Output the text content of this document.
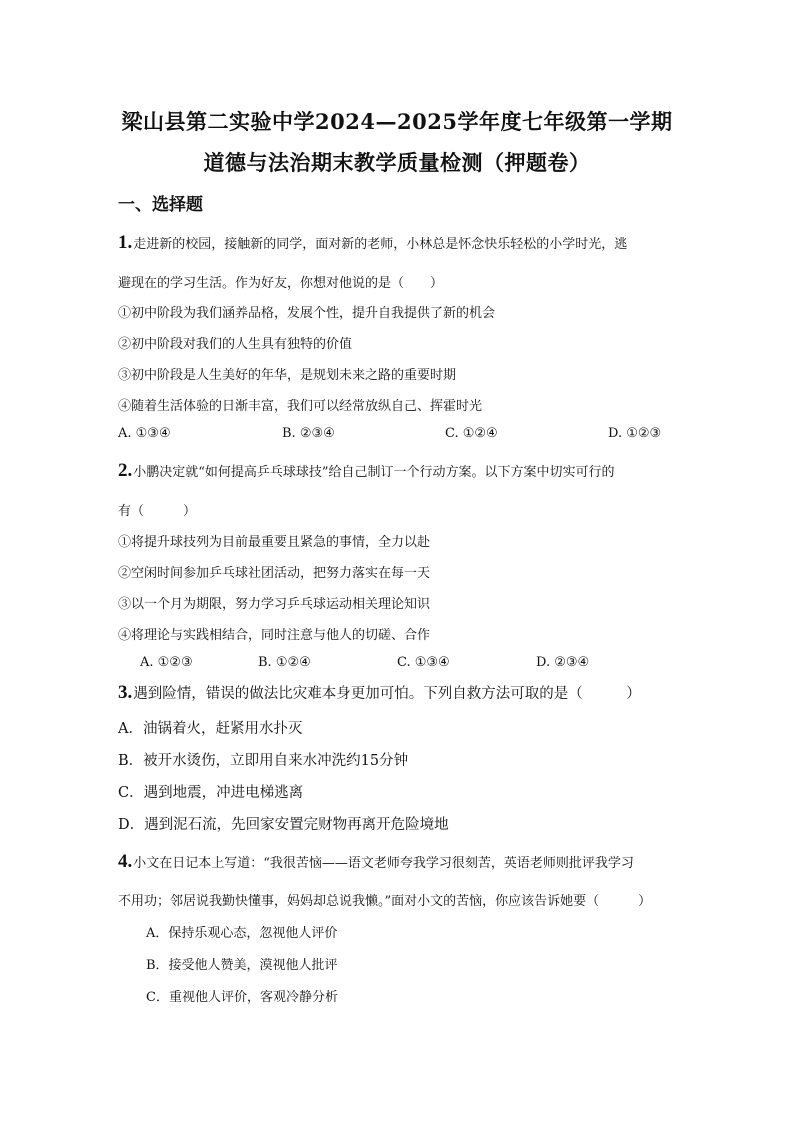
梁山县第二实验中学2024—2025学年度七年级第一学期
道德与法治期末教学质量检测（押题卷）
一、选择题
1.走进新的校园，接触新的同学，面对新的老师，小林总是怀念快乐轻松的小学时光，逃
避现在的学习生活。作为好友，你想对他说的是（　　）
①初中阶段为我们涵养品格，发展个性，提升自我提供了新的机会
②初中阶段对我们的人生具有独特的价值
③初中阶段是人生美好的年华，是规划未来之路的重要时期
④随着生活体验的日渐丰富，我们可以经常放纵自己、挥霍时光
A. ①③④	B. ②③④	C. ①②④	D. ①②③
2.小鹏决定就“如何提高乒乓球球技”给自己制订一个行动方案。以下方案中切实可行的
有（　　　）
①将提升球技列为目前最重要且紧急的事情，全力以赴
②空闲时间参加乒乓球社团活动，把努力落实在每一天
③以一个月为期限，努力学习乒乓球运动相关理论知识
④将理论与实践相结合，同时注意与他人的切磋、合作
A. ①②③	B. ①②④	C. ①③④	D. ②③④
3.遇到险情，错误的做法比灾难本身更加可怕。下列自救方法可取的是（　　　）
A．油锅着火，赶紧用水扑灭
B．被开水烫伤，立即用自来水冲洗约15分钟
C．遇到地震，冲进电梯逃离
D．遇到泥石流，先回家安置完财物再离开危险境地
4.小文在日记本上写道：“我很苦恼——语文老师夸我学习很刻苦，英语老师则批评我学习
不用功；邻居说我勤快懂事，妈妈却总说我懒。”面对小文的苦恼，你应该告诉她要（　　　）
A．保持乐观心态，忽视他人评价
B．接受他人赞美，漠视他人批评
C．重视他人评价，客观冷静分析
